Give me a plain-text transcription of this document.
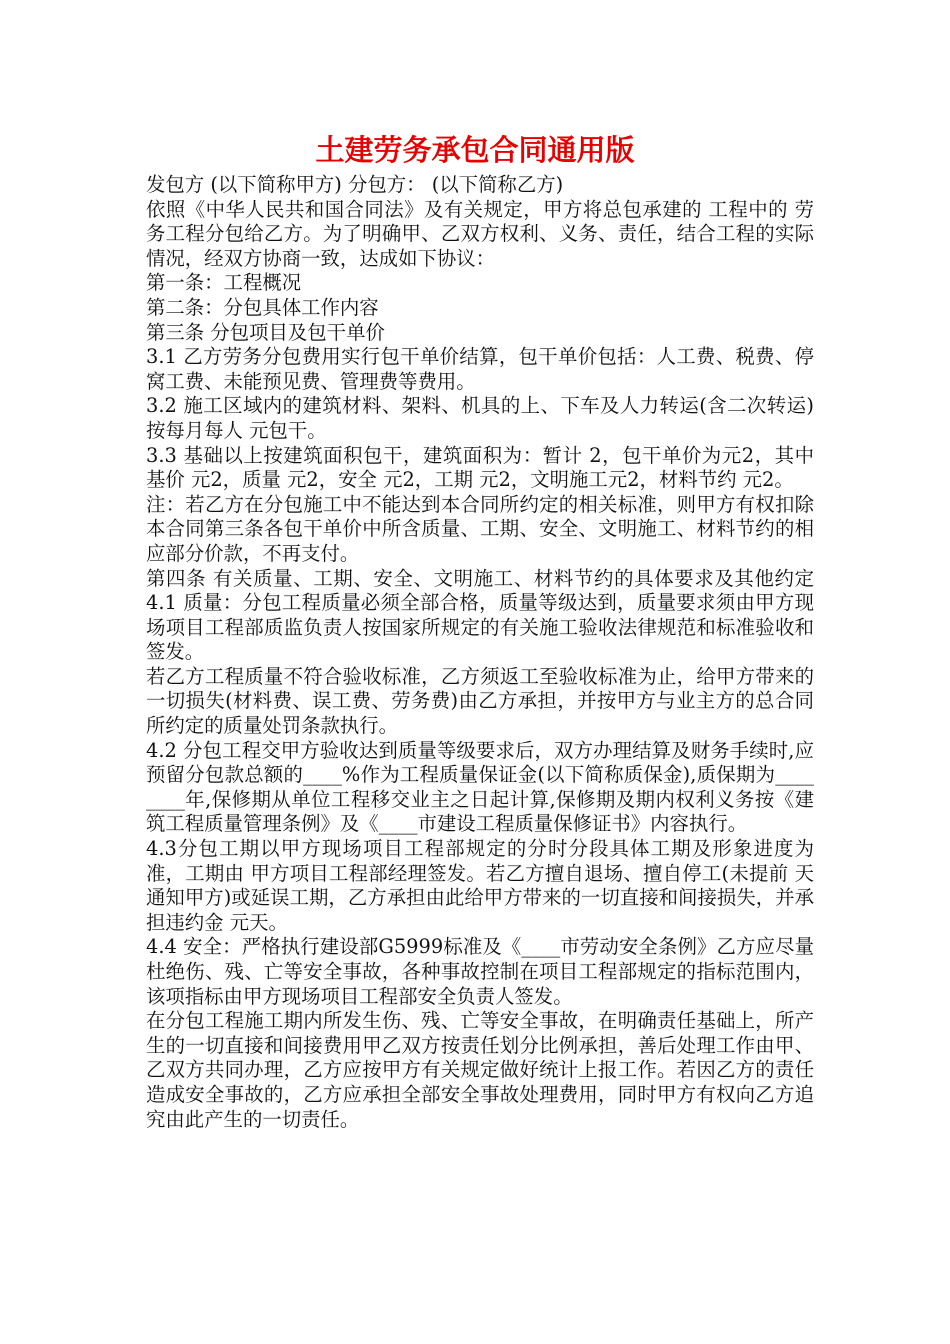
土建劳务承包合同通用版

发包方 (以下简称甲方) 分包方： (以下简称乙方)

依照《中华人民共和国合同法》及有关规定，甲方将总包承建的 工程中的 劳务工程分包给乙方。为了明确甲、乙双方权利、义务、责任，结合工程的实际情况，经双方协商一致，达成如下协议：

第一条：工程概况

第二条：分包具体工作内容

第三条 分包项目及包干单价

3.1 乙方劳务分包费用实行包干单价结算，包干单价包括：人工费、税费、停窝工费、未能预见费、管理费等费用。

3.2 施工区域内的建筑材料、架料、机具的上、下车及人力转运(含二次转运)按每月每人 元包干。

3.3 基础以上按建筑面积包干，建筑面积为：暂计 2，包干单价为元2，其中基价 元2，质量 元2，安全 元2，工期 元2，文明施工元2，材料节约 元2。

注：若乙方在分包施工中不能达到本合同所约定的相关标准，则甲方有权扣除本合同第三条各包干单价中所含质量、工期、安全、文明施工、材料节约的相应部分价款，不再支付。

第四条 有关质量、工期、安全、文明施工、材料节约的具体要求及其他约定 4.1 质量：分包工程质量必须全部合格，质量等级达到，质量要求须由甲方现场项目工程部质监负责人按国家所规定的有关施工验收法律规范和标准验收和签发。

若乙方工程质量不符合验收标准，乙方须返工至验收标准为止，给甲方带来的一切损失(材料费、误工费、劳务费)由乙方承担，并按甲方与业主方的总合同所约定的质量处罚条款执行。

4.2 分包工程交甲方验收达到质量等级要求后，双方办理结算及财务手续时,应预留分包款总额的____%作为工程质量保证金(以下简称质保金),质保期为________年,保修期从单位工程移交业主之日起计算,保修期及期内权利义务按《建筑工程质量管理条例》及《____市建设工程质量保修证书》内容执行。

4.3分包工期以甲方现场项目工程部规定的分时分段具体工期及形象进度为准，工期由 甲方项目工程部经理签发。若乙方擅自退场、擅自停工(未提前 天通知甲方)或延误工期，乙方承担由此给甲方带来的一切直接和间接损失，并承担违约金 元天。

4.4 安全：严格执行建设部G5999标准及《____市劳动安全条例》乙方应尽量杜绝伤、残、亡等安全事故，各种事故控制在项目工程部规定的指标范围内，该项指标由甲方现场项目工程部安全负责人签发。

在分包工程施工期内所发生伤、残、亡等安全事故，在明确责任基础上，所产生的一切直接和间接费用甲乙双方按责任划分比例承担，善后处理工作由甲、乙双方共同办理，乙方应按甲方有关规定做好统计上报工作。若因乙方的责任造成安全事故的，乙方应承担全部安全事故处理费用，同时甲方有权向乙方追究由此产生的一切责任。
